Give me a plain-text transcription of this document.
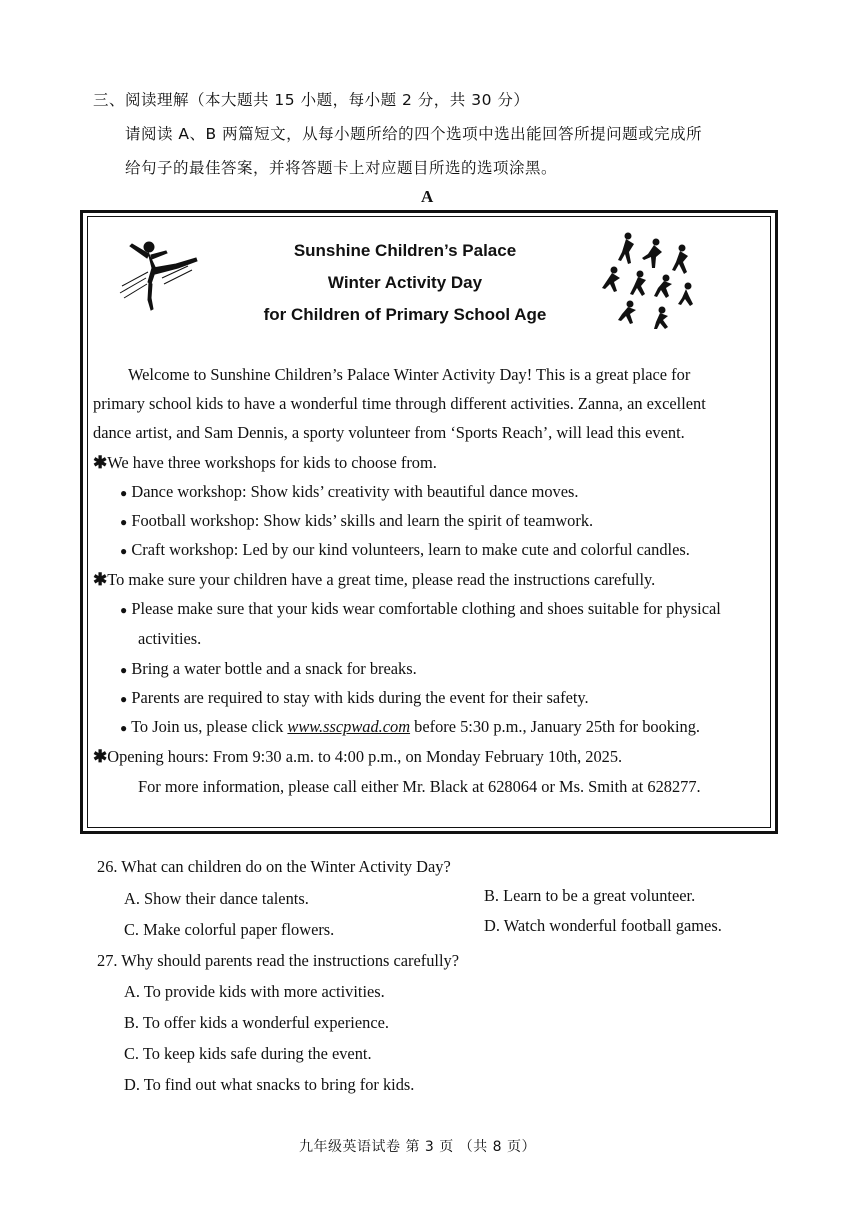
三、阅读理解（本大题共 15 小题，每小题 2 分，共 30 分）
请阅读 A、B 两篇短文，从每小题所给的四个选项中选出能回答所提问题或完成所
给句子的最佳答案，并将答题卡上对应题目所选的选项涂黑。
A
Sunshine Children’s Palace
Winter Activity Day
for Children of Primary School Age
Welcome to Sunshine Children’s Palace Winter Activity Day! This is a great place for
primary school kids to have a wonderful time through different activities. Zanna, an excellent
dance artist, and Sam Dennis, a sporty volunteer from ‘Sports Reach’, will lead this event.
✱We have three workshops for kids to choose from.
● Dance workshop: Show kids’ creativity with beautiful dance moves.
● Football workshop: Show kids’ skills and learn the spirit of teamwork.
● Craft workshop: Led by our kind volunteers, learn to make cute and colorful candles.
✱To make sure your children have a great time, please read the instructions carefully.
● Please make sure that your kids wear comfortable clothing and shoes suitable for physical
activities.
● Bring a water bottle and a snack for breaks.
● Parents are required to stay with kids during the event for their safety.
● To Join us, please click www.sscpwad.com before 5:30 p.m., January 25th for booking.
✱Opening hours: From 9:30 a.m. to 4:00 p.m., on Monday February 10th, 2025.
For more information, please call either Mr. Black at 628064 or Ms. Smith at 628277.
26. What can children do on the Winter Activity Day?
A. Show their dance talents.	B. Learn to be a great volunteer.
C. Make colorful paper flowers.	D. Watch wonderful football games.
27. Why should parents read the instructions carefully?
A. To provide kids with more activities.
B. To offer kids a wonderful experience.
C. To keep kids safe during the event.
D. To find out what snacks to bring for kids.
九年级英语试卷 第 3 页 （共 8 页）
